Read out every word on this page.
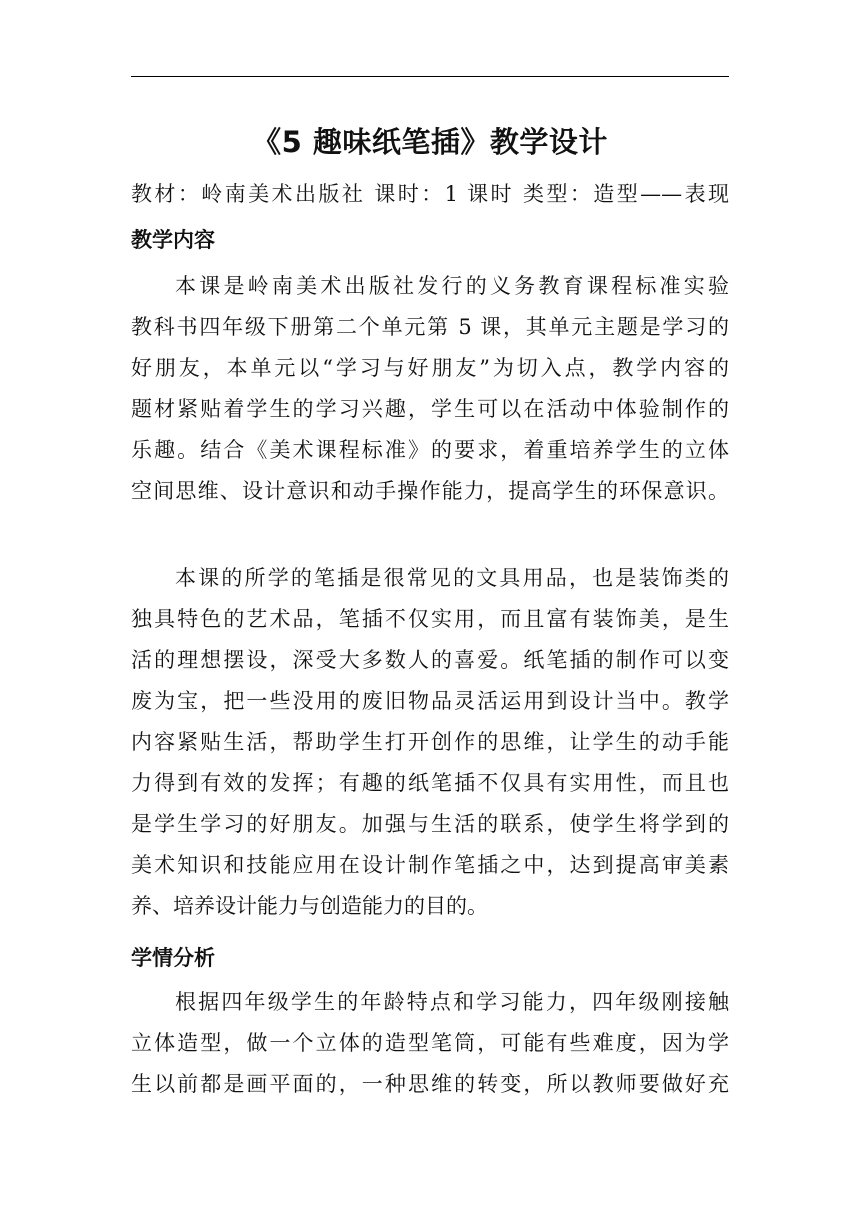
《5 趣味纸笔插》教学设计
教材：岭南美术出版社 课时：1 课时 类型：造型——表现
教学内容
本课是岭南美术出版社发行的义务教育课程标准实验
教科书四年级下册第二个单元第 5 课，其单元主题是学习的
好朋友，本单元以“学习与好朋友”为切入点，教学内容的
题材紧贴着学生的学习兴趣，学生可以在活动中体验制作的
乐趣。结合《美术课程标准》的要求，着重培养学生的立体
空间思维、设计意识和动手操作能力，提高学生的环保意识。
本课的所学的笔插是很常见的文具用品，也是装饰类的
独具特色的艺术品，笔插不仅实用，而且富有装饰美，是生
活的理想摆设，深受大多数人的喜爱。纸笔插的制作可以变
废为宝，把一些没用的废旧物品灵活运用到设计当中。教学
内容紧贴生活，帮助学生打开创作的思维，让学生的动手能
力得到有效的发挥；有趣的纸笔插不仅具有实用性，而且也
是学生学习的好朋友。加强与生活的联系，使学生将学到的
美术知识和技能应用在设计制作笔插之中，达到提高审美素
养、培养设计能力与创造能力的目的。
学情分析
根据四年级学生的年龄特点和学习能力，四年级刚接触
立体造型，做一个立体的造型笔筒，可能有些难度，因为学
生以前都是画平面的，一种思维的转变，所以教师要做好充
